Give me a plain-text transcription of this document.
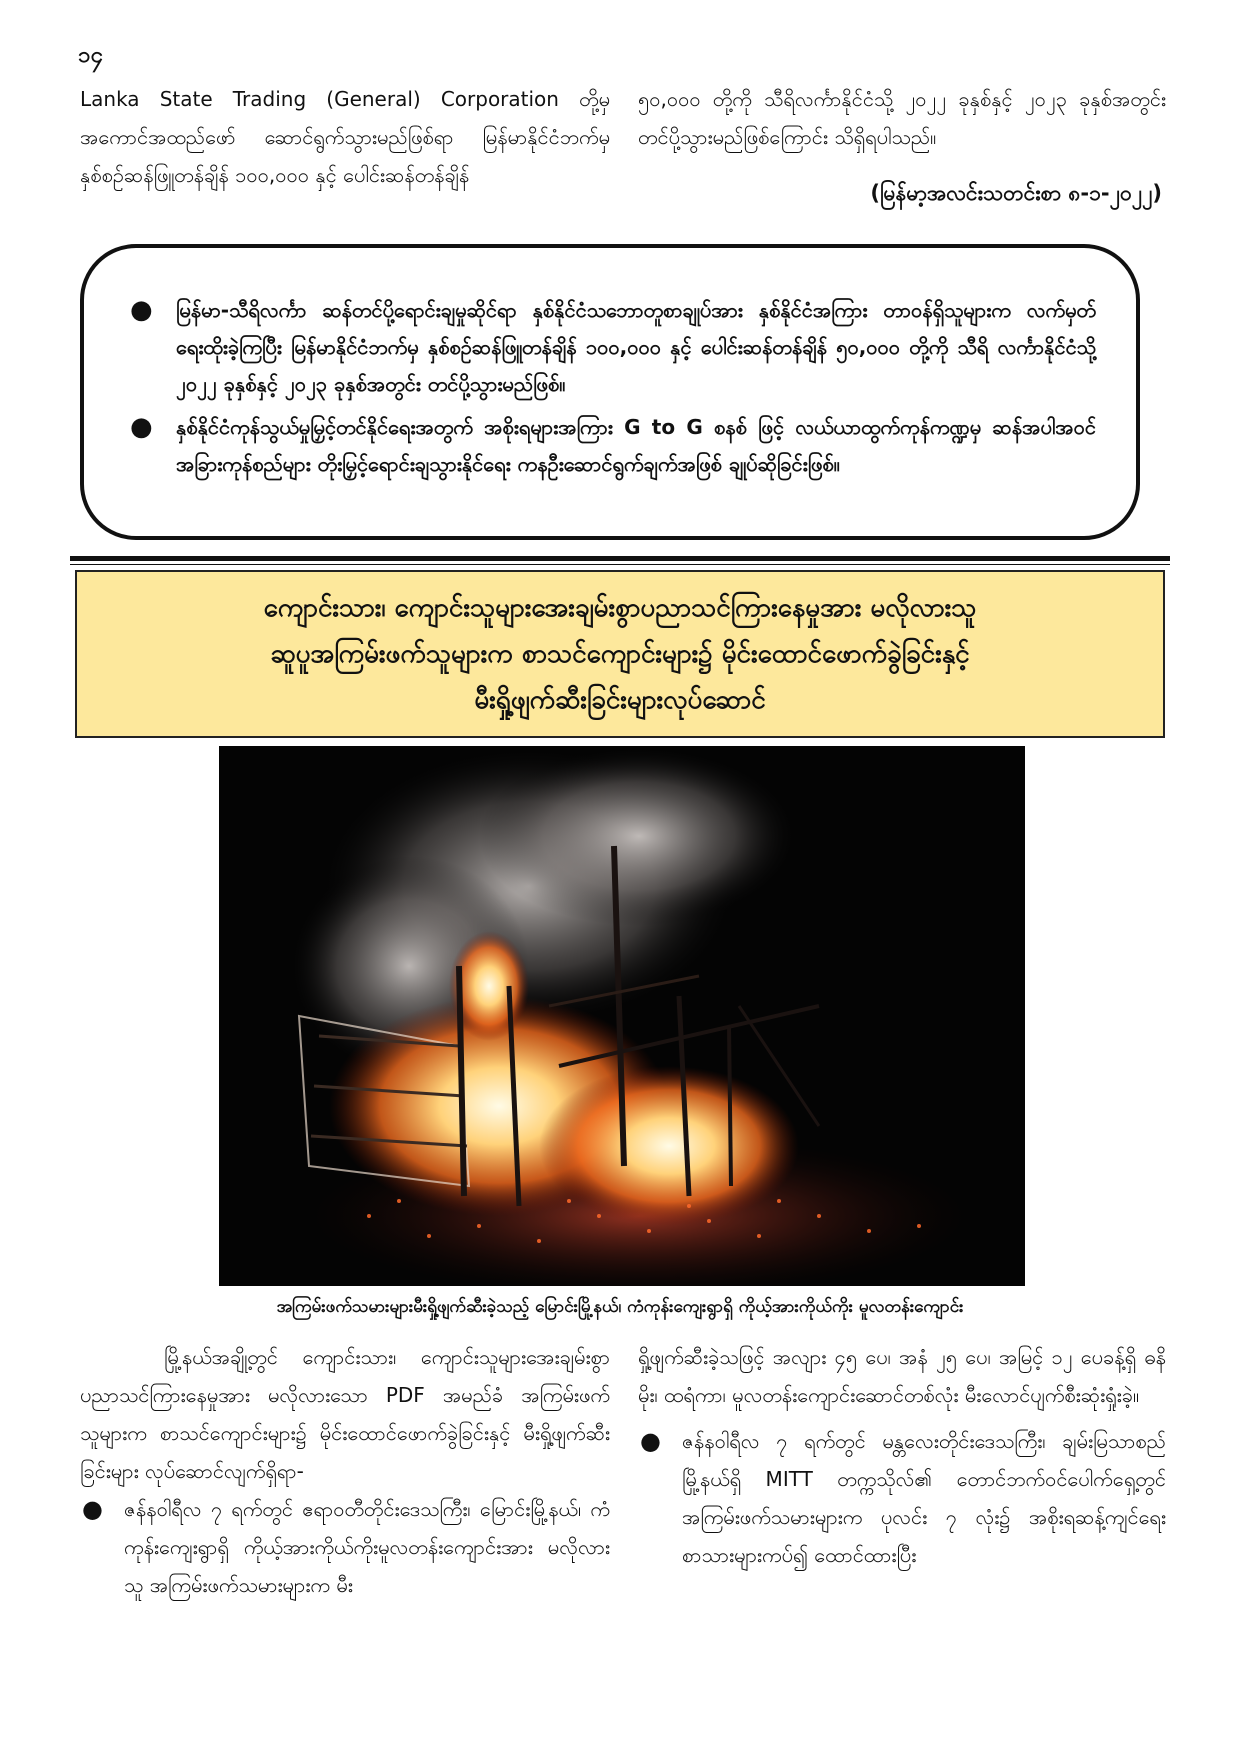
၁၄
Lanka State Trading (General) Corporation တို့မှ အကောင်အထည်ဖော် ဆောင်ရွက်သွားမည်ဖြစ်ရာ မြန်မာနိုင်ငံဘက်မှ နှစ်စဉ်ဆန်ဖြူတန်ချိန် ၁၀၀,၀၀၀ နှင့် ပေါင်းဆန်တန်ချိန်
၅၀,၀၀၀ တို့ကို သီရိလင်္ကာနိုင်ငံသို့ ၂၀၂၂ ခုနှစ်နှင့် ၂၀၂၃ ခုနှစ်အတွင်း တင်ပို့သွားမည်ဖြစ်ကြောင်း သိရှိရပါသည်။
(မြန်မာ့အလင်းသတင်းစာ ၈-၁-၂၀၂၂)
● မြန်မာ-သီရိလင်္ကာ ဆန်တင်ပို့ရောင်းချမှုဆိုင်ရာ နှစ်နိုင်ငံသဘောတူစာချုပ်အား နှစ်နိုင်ငံအကြား တာဝန်ရှိသူများက လက်မှတ်ရေးထိုးခဲ့ကြပြီး မြန်မာနိုင်ငံဘက်မှ နှစ်စဉ်ဆန်ဖြူတန်ချိန် ၁၀၀,၀၀၀ နှင့် ပေါင်းဆန်တန်ချိန် ၅၀,၀၀၀ တို့ကို သီရိ လင်္ကာနိုင်ငံသို့ ၂၀၂၂ ခုနှစ်နှင့် ၂၀၂၃ ခုနှစ်အတွင်း တင်ပို့သွားမည်ဖြစ်။
● နှစ်နိုင်ငံကုန်သွယ်မှုမြှင့်တင်နိုင်ရေးအတွက် အစိုးရများအကြား G to G စနစ် ဖြင့် လယ်ယာထွက်ကုန်ကဏ္ဍမှ ဆန်အပါအဝင် အခြားကုန်စည်များ တိုးမြှင့်ရောင်းချသွားနိုင်ရေး ကနဦးဆောင်ရွက်ချက်အဖြစ် ချုပ်ဆိုခြင်းဖြစ်။
ကျောင်းသား၊ ကျောင်းသူများအေးချမ်းစွာပညာသင်ကြားနေမှုအား မလိုလားသူ
ဆူပူအကြမ်းဖက်သူများက စာသင်ကျောင်းများ၌ မိုင်းထောင်ဖောက်ခွဲခြင်းနှင့်
မီးရှို့ဖျက်ဆီးခြင်းများလုပ်ဆောင်
အကြမ်းဖက်သမားများမီးရှို့ဖျက်ဆီးခဲ့သည့် မြောင်းမြို့နယ်၊ ကံကုန်းကျေးရွာရှိ ကိုယ့်အားကိုယ်ကိုး မူလတန်းကျောင်း
မြို့နယ်အချို့တွင် ကျောင်းသား၊ ကျောင်းသူများအေးချမ်းစွာ ပညာသင်ကြားနေမှုအား မလိုလားသော PDF အမည်ခံ အကြမ်းဖက်သူများက စာသင်ကျောင်းများ၌ မိုင်းထောင်ဖောက်ခွဲခြင်းနှင့် မီးရှို့ဖျက်ဆီးခြင်းများ လုပ်ဆောင်လျက်ရှိရာ-
● ဇန်နဝါရီလ ၇ ရက်တွင် ဧရာဝတီတိုင်းဒေသကြီး၊ မြောင်းမြို့နယ်၊ ကံကုန်းကျေးရွာရှိ ကိုယ့်အားကိုယ်ကိုးမူလတန်းကျောင်းအား မလိုလားသူ အကြမ်းဖက်သမားများက မီး
ရှို့ဖျက်ဆီးခဲ့သဖြင့် အလျား ၄၅ ပေ၊ အနံ ၂၅ ပေ၊ အမြင့် ၁၂ ပေခန့်ရှိ ဓနိမိုး၊ ထရံကာ၊ မူလတန်းကျောင်းဆောင်တစ်လုံး မီးလောင်ပျက်စီးဆုံးရှုံးခဲ့။
● ဇန်နဝါရီလ ၇ ရက်တွင် မန္တလေးတိုင်းဒေသကြီး၊ ချမ်းမြသာစည်မြို့နယ်ရှိ MITT တက္ကသိုလ်၏ တောင်ဘက်ဝင်ပေါက်ရှေ့တွင် အကြမ်းဖက်သမားများက ပုလင်း ၇ လုံး၌ အစိုးရဆန့်ကျင်ရေးစာသားများကပ်၍ ထောင်ထားပြီး
